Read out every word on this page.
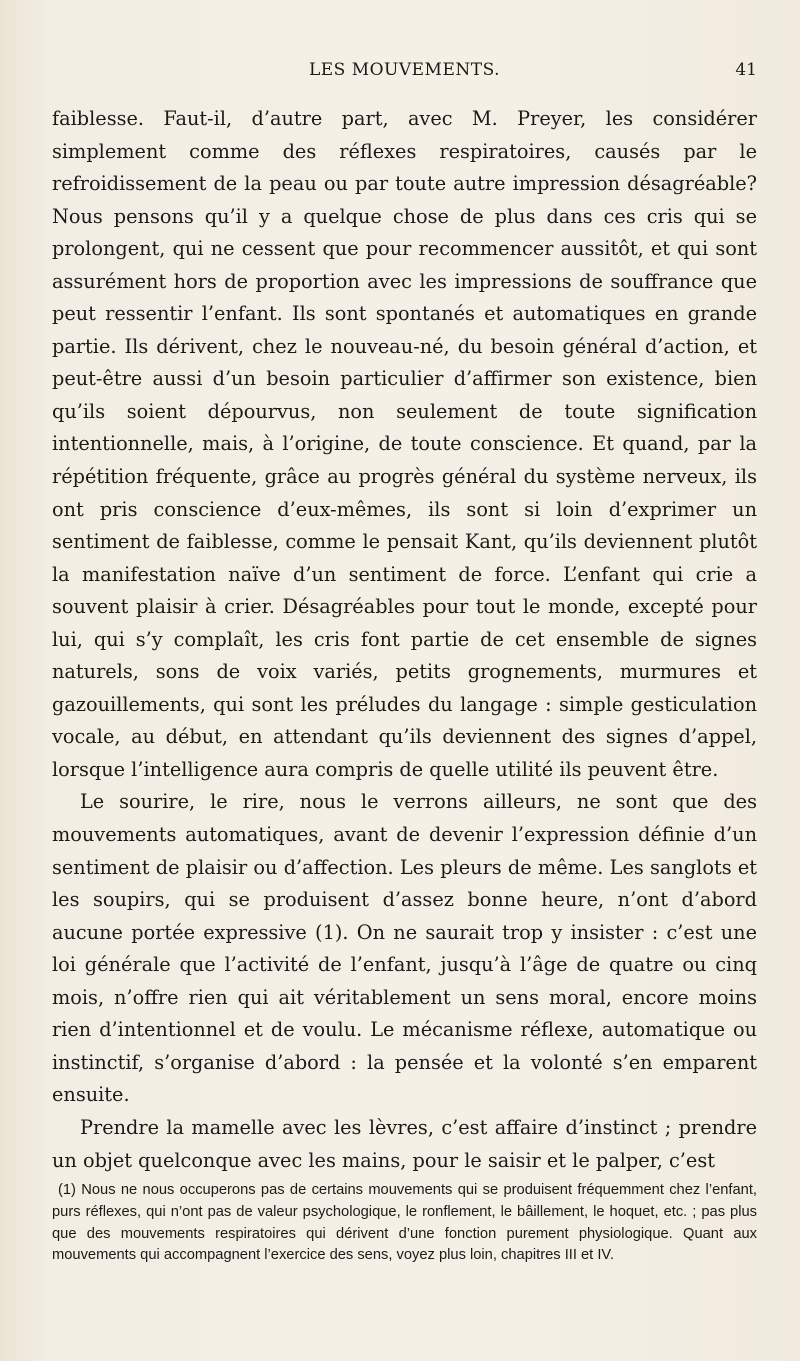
LES MOUVEMENTS.	41

faiblesse. Faut-il, d’autre part, avec M. Preyer, les considérer simplement comme des réflexes respiratoires, causés par le refroidissement de la peau ou par toute autre impression désagréable? Nous pensons qu’il y a quelque chose de plus dans ces cris qui se prolongent, qui ne cessent que pour recommencer aussitôt, et qui sont assurément hors de proportion avec les impressions de souffrance que peut ressentir l’enfant. Ils sont spontanés et automatiques en grande partie. Ils dérivent, chez le nouveau-né, du besoin général d’action, et peut-être aussi d’un besoin particulier d’affirmer son existence, bien qu’ils soient dépourvus, non seulement de toute signification intentionnelle, mais, à l’origine, de toute conscience. Et quand, par la répétition fréquente, grâce au progrès général du système nerveux, ils ont pris conscience d’eux-mêmes, ils sont si loin d’exprimer un sentiment de faiblesse, comme le pensait Kant, qu’ils deviennent plutôt la manifestation naïve d’un sentiment de force. L’enfant qui crie a souvent plaisir à crier. Désagréables pour tout le monde, excepté pour lui, qui s’y complaît, les cris font partie de cet ensemble de signes naturels, sons de voix variés, petits grognements, murmures et gazouillements, qui sont les préludes du langage : simple gesticulation vocale, au début, en attendant qu’ils deviennent des signes d’appel, lorsque l’intelligence aura compris de quelle utilité ils peuvent être.

Le sourire, le rire, nous le verrons ailleurs, ne sont que des mouvements automatiques, avant de devenir l’expression définie d’un sentiment de plaisir ou d’affection. Les pleurs de même. Les sanglots et les soupirs, qui se produisent d’assez bonne heure, n’ont d’abord aucune portée expressive (1). On ne saurait trop y insister : c’est une loi générale que l’activité de l’enfant, jusqu’à l’âge de quatre ou cinq mois, n’offre rien qui ait véritablement un sens moral, encore moins rien d’intentionnel et de voulu. Le mécanisme réflexe, automatique ou instinctif, s’organise d’abord : la pensée et la volonté s’en emparent ensuite.

Prendre la mamelle avec les lèvres, c’est affaire d’instinct ; prendre un objet quelconque avec les mains, pour le saisir et le palper, c’est

(1) Nous ne nous occuperons pas de certains mouvements qui se produisent fréquemment chez l’enfant, purs réflexes, qui n’ont pas de valeur psychologique, le ronflement, le bâillement, le hoquet, etc. ; pas plus que des mouvements respiratoires qui dérivent d’une fonction purement physiologique. Quant aux mouvements qui accompagnent l’exercice des sens, voyez plus loin, chapitres III et IV.
